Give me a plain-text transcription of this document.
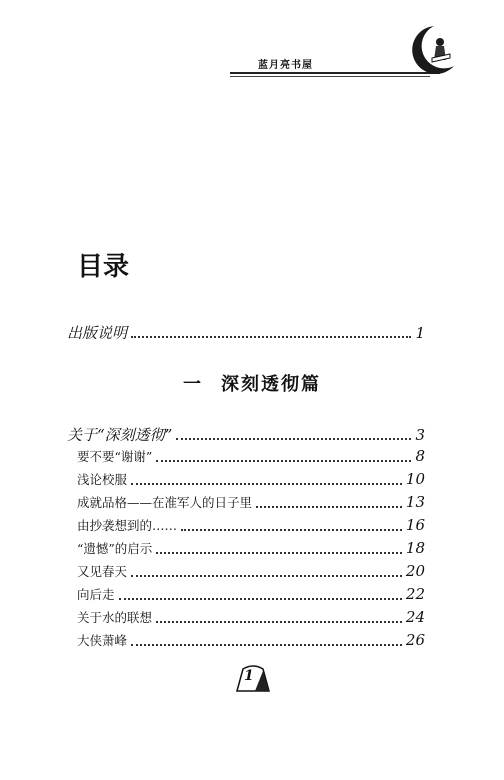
蓝月亮书屋
目录
出版说明	1
一 深刻透彻篇
关于“深刻透彻”	3
要不要“谢谢”	8
浅论校服	10
成就品格——在准军人的日子里	13
由抄袭想到的……	16
“遗憾”的启示	18
又见春天	20
向后走	22
关于水的联想	24
大侠萧峰	26
1
